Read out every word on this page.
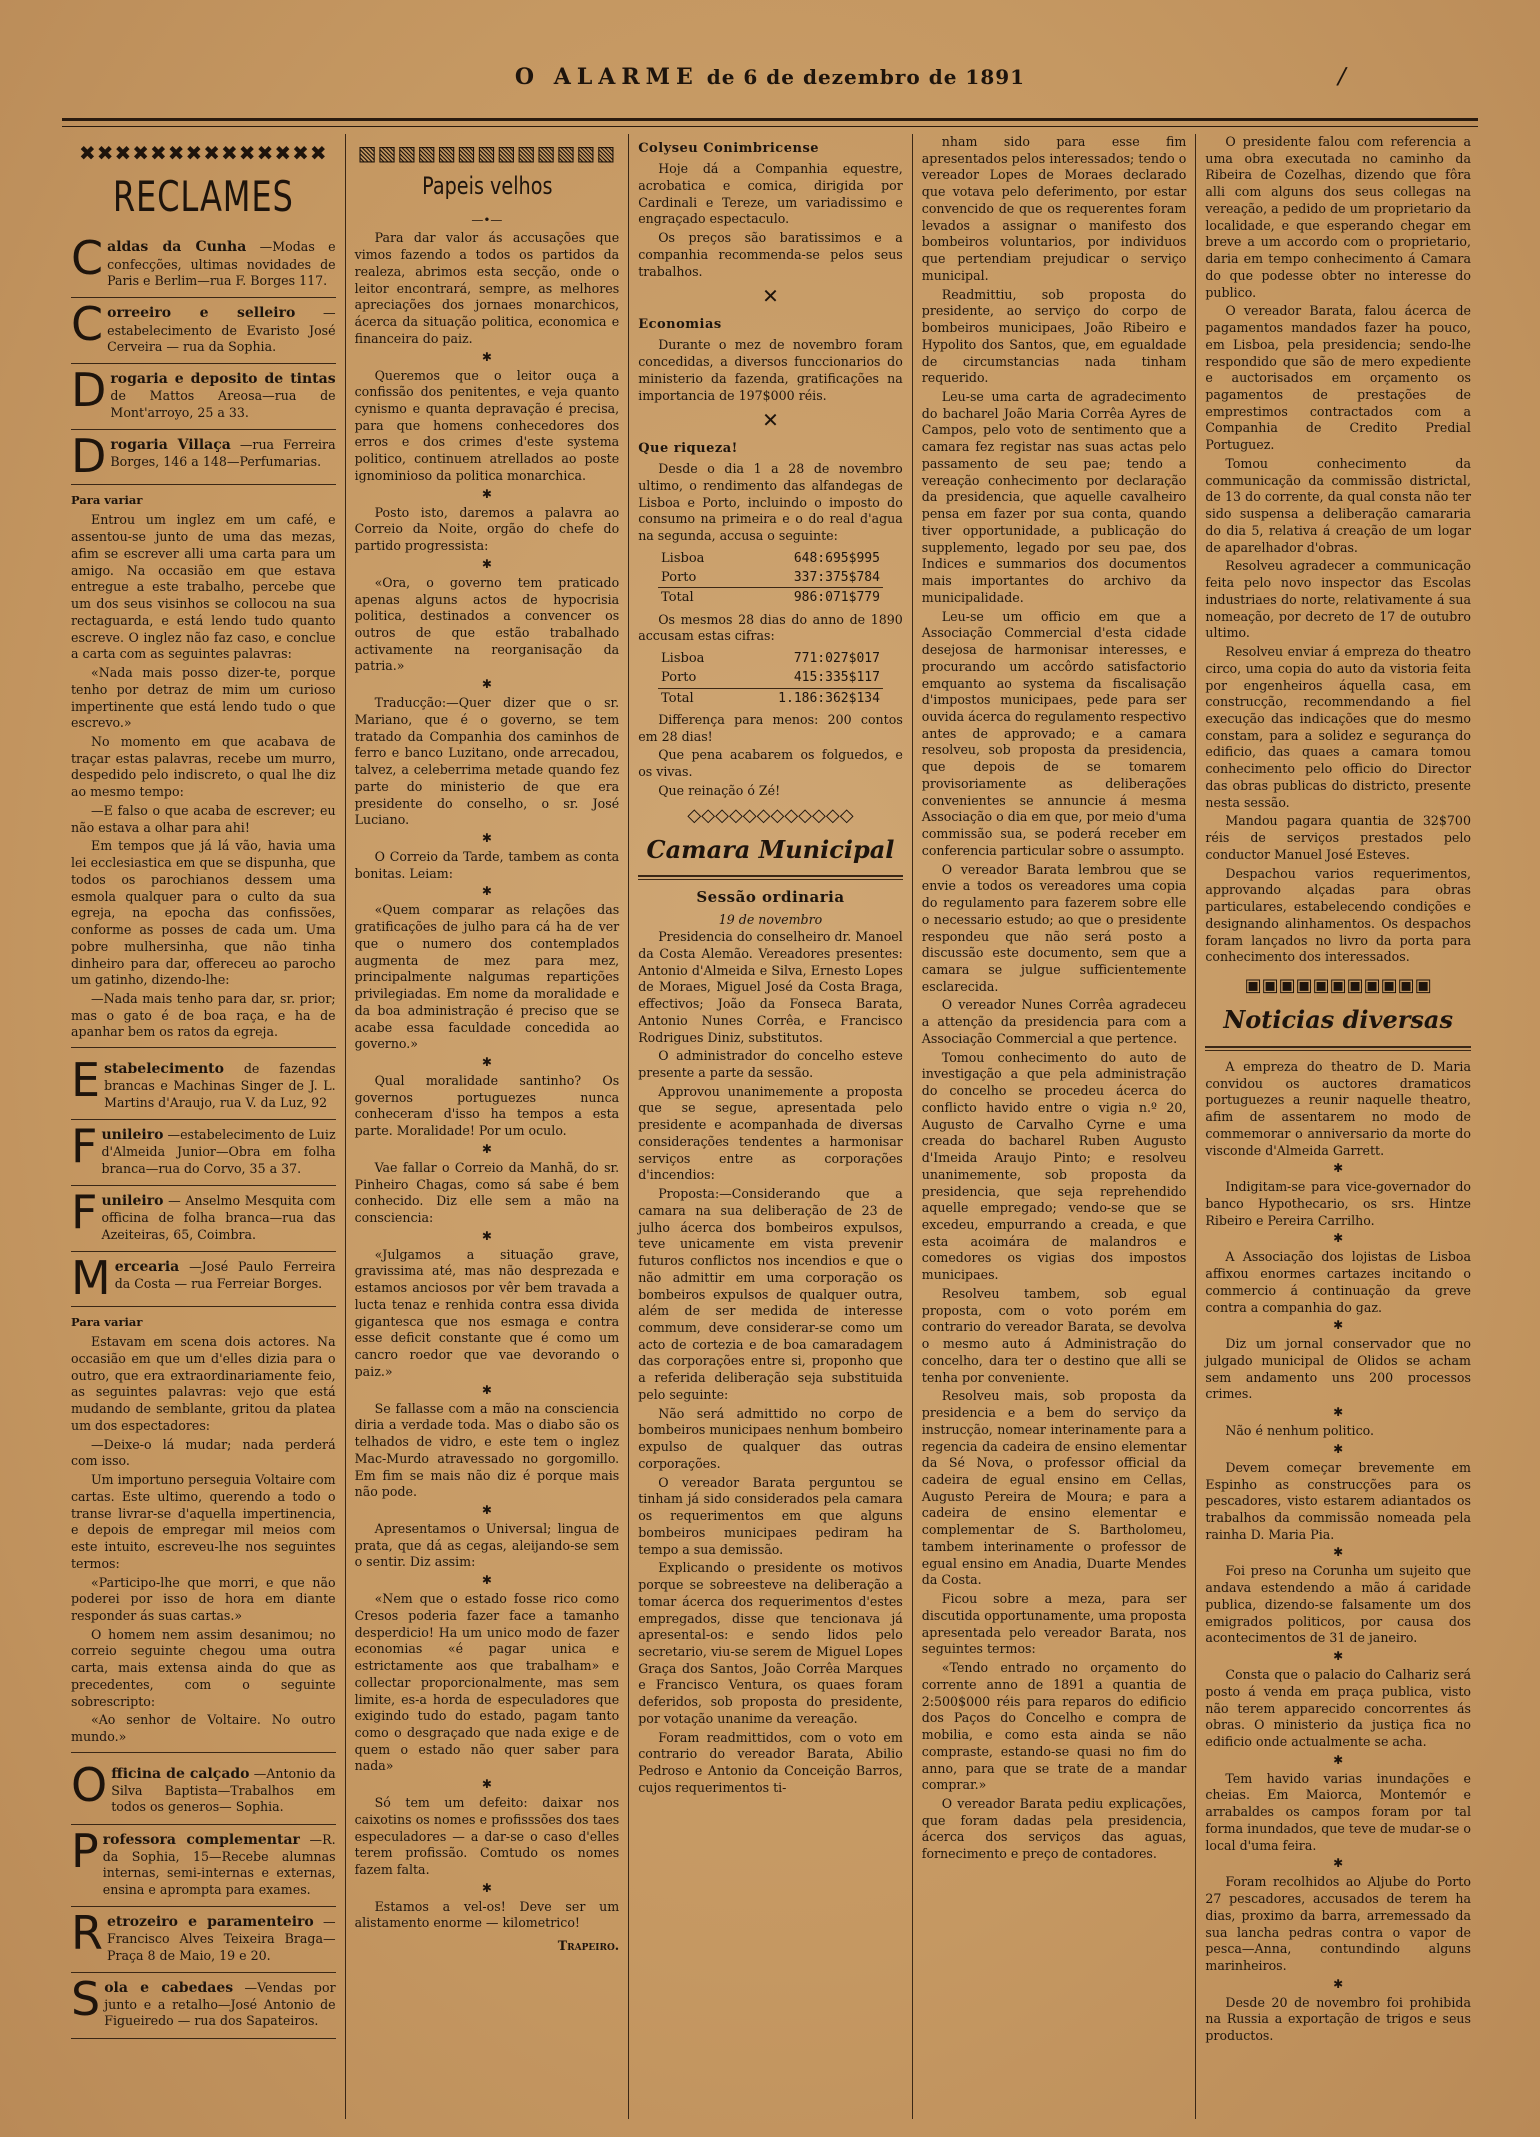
O ALARME de 6 de dezembro de 1891	/
✖✖✖✖✖✖✖✖✖✖✖✖✖✖
RECLAMES
C aldas da Cunha —Modas e confecções, ultimas novidades de Paris e Berlim—rua F. Borges 117.
C orreeiro e selleiro —estabelecimento de Evaristo José Cerveira — rua da Sophia.
D rogaria e deposito de tintas de Mattos Areosa—rua de Mont'arroyo, 25 a 33.
D rogaria Villaça —rua Ferreira Borges, 146 a 148—Perfumarias.
Para variar

Entrou um inglez em um café, e assentou-se junto de uma das mezas, afim se escrever alli uma carta para um amigo. Na occasião em que estava entregue a este trabalho, percebe que um dos seus visinhos se collocou na sua rectaguarda, e está lendo tudo quanto escreve. O inglez não faz caso, e conclue a carta com as seguintes palavras:

«Nada mais posso dizer-te, porque tenho por detraz de mim um curioso impertinente que está lendo tudo o que escrevo.»

No momento em que acabava de traçar estas palavras, recebe um murro, despedido pelo indiscreto, o qual lhe diz ao mesmo tempo:

—E falso o que acaba de escrever; eu não estava a olhar para ahi!

Em tempos que já lá vão, havia uma lei ecclesiastica em que se dispunha, que todos os parochianos dessem uma esmola qualquer para o culto da sua egreja, na epocha das confissões, conforme as posses de cada um. Uma pobre mulhersinha, que não tinha dinheiro para dar, offereceu ao parocho um gatinho, dizendo-lhe:

—Nada mais tenho para dar, sr. prior; mas o gato é de boa raça, e ha de apanhar bem os ratos da egreja.

E stabelecimento de fazendas brancas e Machinas Singer de J. L. Martins d'Araujo, rua V. da Luz, 92
F unileiro —estabelecimento de Luiz d'Almeida Junior—Obra em folha branca—rua do Corvo, 35 a 37.
F unileiro — Anselmo Mesquita com officina de folha branca—rua das Azeiteiras, 65, Coimbra.
M ercearia —José Paulo Ferreira da Costa — rua Ferreiar Borges.
Para variar

Estavam em scena dois actores. Na occasião em que um d'elles dizia para o outro, que era extraordinariamente feio, as seguintes palavras: vejo que está mudando de semblante, gritou da platea um dos espectadores:

—Deixe-o lá mudar; nada perderá com isso.

Um importuno perseguia Voltaire com cartas. Este ultimo, querendo a todo o transe livrar-se d'aquella impertinencia, e depois de empregar mil meios com este intuito, escreveu-lhe nos seguintes termos:

«Participo-lhe que morri, e que não poderei por isso de hora em diante responder ás suas cartas.»

O homem nem assim desanimou; no correio seguinte chegou uma outra carta, mais extensa ainda do que as precedentes, com o seguinte sobrescripto:

«Ao senhor de Voltaire. No outro mundo.»

O fficina de calçado —Antonio da Silva Baptista—Trabalhos em todos os generos— Sophia.
P rofessora complementar —R. da Sophia, 15—Recebe alumnas internas, semi-internas e externas, ensina e apromptа para exames.
R etrozeiro e paramenteiro —Francisco Alves Teixeira Braga—Praça 8 de Maio, 19 e 20.
S ola e cabedaes —Vendas por junto e a retalho—José Antonio de Figueiredo — rua dos Sapateiros.
▧▧▧▧▧▧▧▧▧▧▧▧▧
Papeis velhos
—•—

Para dar valor ás accusações que vimos fazendo a todos os partidos da realeza, abrimos esta secção, onde o leitor encontrará, sempre, as melhores apreciações dos jornaes monarchicos, ácerca da situação politica, economica e financeira do paiz.

✱

Queremos que o leitor ouça a confissão dos penitentes, e veja quanto cynismo e quanta depravação é precisa, para que homens conhecedores dos erros e dos crimes d'este systema politico, continuem atrellados ao poste ignominioso da politica monarchica.

✱

Posto isto, daremos a palavra ao Correio da Noite, orgão do chefe do partido progressista:

✱

«Ora, o governo tem praticado apenas alguns actos de hypocrisia politica, destinados a convencer os outros de que estão trabalhado activamente na reorganisação da patria.»

✱

Traducção:—Quer dizer que o sr. Mariano, que é o governo, se tem tratado da Companhia dos caminhos de ferro e banco Luzitano, onde arrecadou, talvez, a celeberrima metade quando fez parte do ministerio de que era presidente do conselho, o sr. José Luciano.

✱

O Correio da Tarde, tambem as conta bonitas. Leiam:

✱

«Quem comparar as relações das gratificações de julho para cá ha de ver que o numero dos contemplados augmenta de mez para mez, principalmente nalgumas repartições privilegiadas. Em nome da moralidade e da boa administração é preciso que se acabe essa faculdade concedida ao governo.»

✱

Qual moralidade santinho? Os governos portuguezes nunca conheceram d'isso ha tempos a esta parte. Moralidade! Por um oculo.

✱

Vae fallar o Correio da Manhã, do sr. Pinheiro Chagas, como sá sabe é bem conhecido. Diz elle sem a mão na consciencia:

✱

«Julgamos a situação grave, gravissima até, mas não desprezada e estamos anciosos por vêr bem travada a lucta tenaz e renhida contra essa divida gigantesca que nos esmaga e contra esse deficit constante que é como um cancro roedor que vae devorando o paiz.»

✱

Se fallasse com a mão na consciencia diria a verdade toda. Mas o diabo são os telhados de vidro, e este tem o inglez Mac-Murdo atravessado no gorgomillo. Em fim se mais não diz é porque mais não pode.

✱

Apresentamos o Universal; lingua de prata, que dá as cegas, aleijando-se sem o sentir. Diz assim:

✱

«Nem que o estado fosse rico como Cresos poderia fazer face a tamanho desperdicio! Ha um unico modo de fazer economias «é pagar unica e estrictamente aos que trabalham» e collectar proporcionalmente, mas sem limite, es-a horda de especuladores que exigindo tudo do estado, pagam tanto como o desgraçado que nada exige e de quem o estado não quer saber para nada»

✱

Só tem um defeito: daixar nos caixotins os nomes e profisssões dos taes especuladores — a dar-se o caso d'elles terem profissão. Comtudo os nomes fazem falta.

✱

Estamos a vel-os! Deve ser um alistamento enorme — kilometrico!

Trapeiro.
Colyseu Conimbricense

Hoje dá a Companhia equestre, acrobatica e comica, dirigida por Cardinali e Tereze, um variadissimo e engraçado espectaculo.

Os preços são baratissimos e a companhia recommenda-se pelos seus trabalhos.

✕
Economias

Durante o mez de novembro foram concedidas, a diversos funccionarios do ministerio da fazenda, gratificações na importancia de 197$000 réis.

✕
Que riqueza!

Desde o dia 1 a 28 de novembro ultimo, o rendimento das alfandegas de Lisboa e Porto, incluindo o imposto do consumo na primeira e o do real d'agua na segunda, accusa o seguinte:

Lisboa	648:695$995
Porto	337:375$784
Total	986:071$779

Os mesmos 28 dias do anno de 1890 accusam estas cifras:

Lisboa	771:027$017
Porto	415:335$117
Total	1.186:362$134

Differença para menos: 200 contos em 28 dias!

Que pena acabarem os folguedos, e os vivas.

Que reinação ó Zé!

◇◇◇◇◇◇◇◇◇◇◇◇
Camara Municipal
Sessão ordinaria
19 de novembro

Presidencia do conselheiro dr. Manoel da Costa Alemão. Vereadores presentes: Antonio d'Almeida e Silva, Ernesto Lopes de Moraes, Miguel José da Costa Braga, effectivos; João da Fonseca Barata, Antonio Nunes Corrêa, e Francisco Rodrigues Diniz, substitutos.

O administrador do concelho esteve presente a parte da sessão.

Approvou unanimemente a proposta que se segue, apresentada pelo presidente e acompanhada de diversas considerações tendentes a harmonisar serviços entre as corporações d'incendios:

Proposta:—Considerando que a camara na sua deliberação de 23 de julho ácerca dos bombeiros expulsos, teve unicamente em vista prevenir futuros conflictos nos incendios e que o não admittir em uma corporação os bombeiros expulsos de qualquer outra, além de ser medida de interesse commum, deve considerar-se como um acto de cortezia e de boa camaradagem das corporações entre si, proponho que a referida deliberação seja substituida pelo seguinte:

Não será admittido no corpo de bombeiros municipaes nenhum bombeiro expulso de qualquer das outras corporações.

O vereador Barata perguntou se tinham já sido considerados pela camara os requerimentos em que alguns bombeiros municipaes pediram ha tempo a sua demissão.

Explicando o presidente os motivos porque se sobreesteve na deliberação a tomar ácerca dos requerimentos d'estes empregados, disse que tencionava já apresental-os: e sendo lidos pelo secretario, viu-se serem de Miguel Lopes Graça dos Santos, João Corrêa Marques e Francisco Ventura, os quaes foram deferidos, sob proposta do presidente, por votação unanime da vereação.

Foram readmittidos, com o voto em contrario do vereador Barata, Abilio Pedroso e Antonio da Conceição Barros, cujos requerimentos ti-

nham sido para esse fim apresentados pelos interessados; tendo o vereador Lopes de Moraes declarado que votava pelo deferimento, por estar convencido de que os requerentes foram levados a assignar o manifesto dos bombeiros voluntarios, por individuos que pertendiam prejudicar o serviço municipal.

Readmittiu, sob proposta do presidente, ao serviço do corpo de bombeiros municipaes, João Ribeiro e Hypolito dos Santos, que, em egualdade de circumstancias nada tinham requerido.

Leu-se uma carta de agradecimento do bacharel João Maria Corrêa Ayres de Campos, pelo voto de sentimento que a camara fez registar nas suas actas pelo passamento de seu pae; tendo a vereação conhecimento por declaração da presidencia, que aquelle cavalheiro pensa em fazer por sua conta, quando tiver opportunidade, a publicação do supplemento, legado por seu pae, dos Indices e summarios dos documentos mais importantes do archivo da municipalidade.

Leu-se um officio em que a Associação Commercial d'esta cidade desejosa de harmonisar interesses, e procurando um accôrdo satisfactorio emquanto ao systema da fiscalisação d'impostos municipaes, pede para ser ouvida ácerca do regulamento respectivo antes de approvado; e a camara resolveu, sob proposta da presidencia, que depois de se tomarem provisoriamente as deliberações convenientes se annuncie á mesma Associação o dia em que, por meio d'uma commissão sua, se poderá receber em conferencia particular sobre o assumpto.

O vereador Barata lembrou que se envie a todos os vereadores uma copia do regulamento para fazerem sobre elle o necessario estudo; ao que o presidente respondeu que não será posto a discussão este documento, sem que a camara se julgue sufficientemente esclarecida.

O vereador Nunes Corrêa agradeceu a attenção da presidencia para com a Associação Commercial a que pertence.

Tomou conhecimento do auto de investigação a que pela administração do concelho se procedeu ácerca do conflicto havido entre o vigia n.º 20, Augusto de Carvalho Cyrne e uma creada do bacharel Ruben Augusto d'Imeida Araujo Pinto; e resolveu unanimemente, sob proposta da presidencia, que seja reprehendido aquelle empregado; vendo-se que se excedeu, empurrando a creada, e que esta acoimára de malandros e comedores os vigias dos impostos municipaes.

Resolveu tambem, sob egual proposta, com o voto porém em contrario do vereador Barata, se devolva o mesmo auto á Administração do concelho, dara ter o destino que alli se tenha por conveniente.

Resolveu mais, sob proposta da presidencia e a bem do serviço da instrucção, nomear interinamente para a regencia da cadeira de ensino elementar da Sé Nova, o professor official da cadeira de egual ensino em Cellas, Augusto Pereira de Moura; e para a cadeira de ensino elementar e complementar de S. Bartholomeu, tambem interinamente o professor de egual ensino em Anadia, Duarte Mendes da Costa.

Ficou sobre a meza, para ser discutida opportunamente, uma proposta apresentada pelo vereador Barata, nos seguintes termos:

«Tendo entrado no orçamento do corrente anno de 1891 a quantia de 2:500$000 réis para reparos do edificio dos Paços do Concelho e compra de mobilia, e como esta ainda se não compraste, estando-se quasi no fim do anno, para que se trate de a mandar comprar.»

O vereador Barata pediu explicações, que foram dadas pela presidencia, ácerca dos serviços das aguas, fornecimento e preço de contadores.

O presidente falou com referencia a uma obra executada no caminho da Ribeira de Cozelhas, dizendo que fôra alli com alguns dos seus collegas na vereação, a pedido de um proprietario da localidade, e que esperando chegar em breve a um accordo com o proprietario, daria em tempo conhecimento á Camara do que podesse obter no interesse do publico.

O vereador Barata, falou ácerca de pagamentos mandados fazer ha pouco, em Lisboa, pela presidencia; sendo-lhe respondido que são de mero expediente e auctorisados em orçamento os pagamentos de prestações de emprestimos contractados com a Companhia de Credito Predial Portuguez.

Tomou conhecimento da communicação da commissão districtal, de 13 do corrente, da qual consta não ter sido suspensa a deliberação camararia do dia 5, relativa á creação de um logar de aparelhador d'obras.

Resolveu agradecer a communicação feita pelo novo inspector das Escolas industriaes do norte, relativamente á sua nomeação, por decreto de 17 de outubro ultimo.

Resolveu enviar á empreza do theatro circo, uma copia do auto da vistoria feita por engenheiros áquella casa, em construcção, recommendando a fiel execução das indicações que do mesmo constam, para a solidez e segurança do edificio, das quaes a camara tomou conhecimento pelo officio do Director das obras publicas do districto, presente nesta sessão.

Mandou pagara quantia de 32$700 réis de serviços prestados pelo conductor Manuel José Esteves.

Despachou varios requerimentos, approvando alçadas para obras particulares, estabelecendo condições e designando alinhamentos. Os despachos foram lançados no livro da porta para conhecimento dos interessados.

▣▣▣▣▣▣▣▣▣▣▣
Noticias diversas

A empreza do theatro de D. Maria convidou os auctores dramaticos portuguezes a reunir naquelle theatro, afim de assentarem no modo de commemorar o anniversario da morte do visconde d'Almeida Garrett.

✱

Indigitam-se para vice-governador do banco Hypothecario, os srs. Hintze Ribeiro e Pereira Carrilho.

✱

A Associação dos lojistas de Lisboa affixou enormes cartazes incitando o commercio á continuação da greve contra a companhia do gaz.

✱

Diz um jornal conservador que no julgado municipal de Olidos se acham sem andamento uns 200 processos crimes.

✱

Não é nenhum politico.

✱

Devem começar brevemente em Espinho as construcções para os pescadores, visto estarem adiantados os trabalhos da commissão nomeada pela rainha D. Maria Pia.

✱

Foi preso na Corunha um sujeito que andava estendendo a mão á caridade publica, dizendo-se falsamente um dos emigrados politicos, por causa dos acontecimentos de 31 de janeiro.

✱

Consta que o palacio do Calhariz será posto á venda em praça publica, visto não terem apparecido concorrentes ás obras. O ministerio da justiça fica no edificio onde actualmente se acha.

✱

Tem havido varias inundações e cheias. Em Maiorca, Montemór e arrabaldes os campos foram por tal forma inundados, que teve de mudar-se o local d'uma feira.

✱

Foram recolhidos ao Aljube do Porto 27 pescadores, accusados de terem ha dias, proximo da barra, arremessado da sua lancha pedras contra o vapor de pesca—Anna, contundindo alguns marinheiros.

✱

Desde 20 de novembro foi prohibida na Russia a exportação de trigos e seus productos.
